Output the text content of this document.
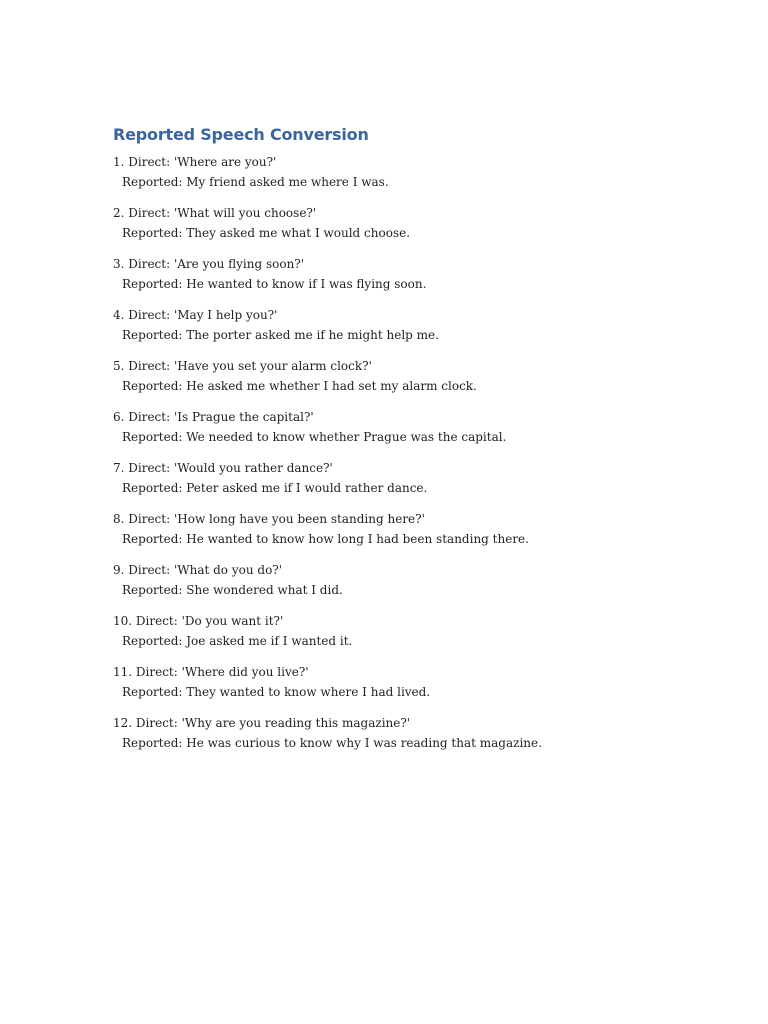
Reported Speech Conversion
1. Direct: 'Where are you?'
Reported: My friend asked me where I was.
2. Direct: 'What will you choose?'
Reported: They asked me what I would choose.
3. Direct: 'Are you flying soon?'
Reported: He wanted to know if I was flying soon.
4. Direct: 'May I help you?'
Reported: The porter asked me if he might help me.
5. Direct: 'Have you set your alarm clock?'
Reported: He asked me whether I had set my alarm clock.
6. Direct: 'Is Prague the capital?'
Reported: We needed to know whether Prague was the capital.
7. Direct: 'Would you rather dance?'
Reported: Peter asked me if I would rather dance.
8. Direct: 'How long have you been standing here?'
Reported: He wanted to know how long I had been standing there.
9. Direct: 'What do you do?'
Reported: She wondered what I did.
10. Direct: 'Do you want it?'
Reported: Joe asked me if I wanted it.
11. Direct: 'Where did you live?'
Reported: They wanted to know where I had lived.
12. Direct: 'Why are you reading this magazine?'
Reported: He was curious to know why I was reading that magazine.
